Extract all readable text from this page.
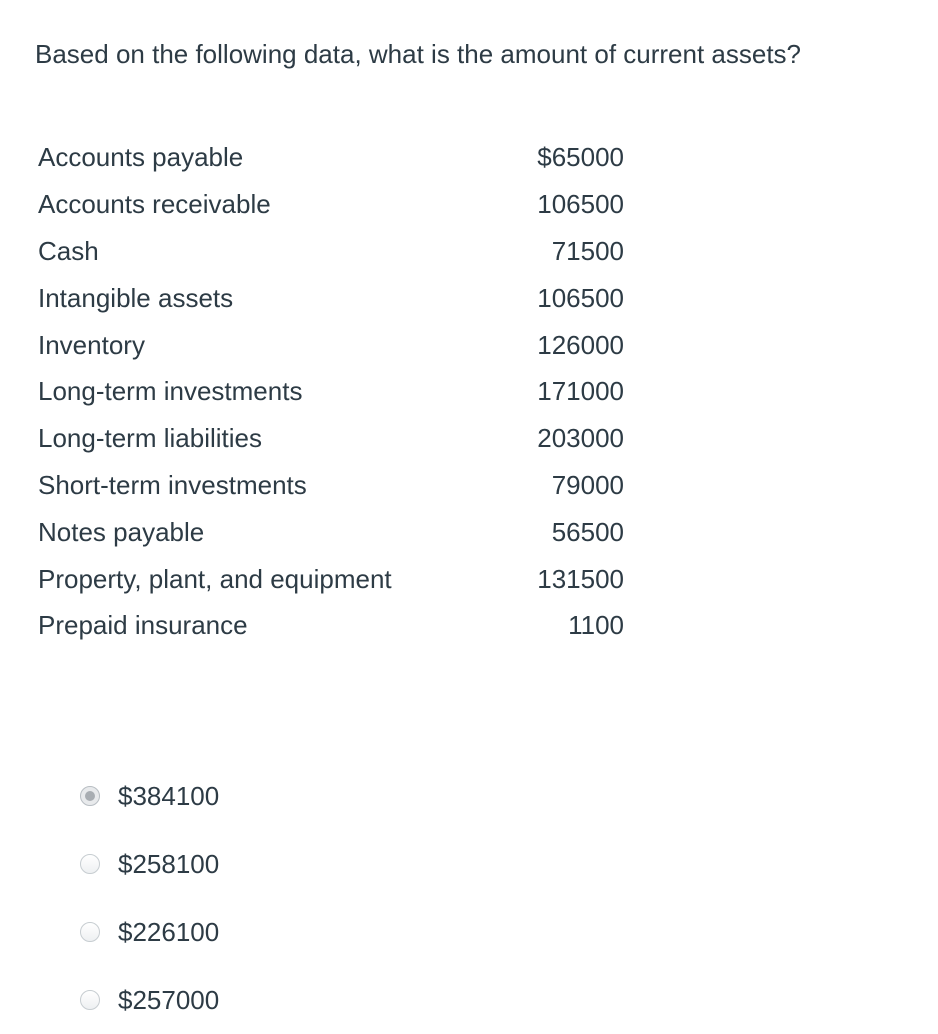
Based on the following data, what is the amount of current assets?
Accounts payable	$65000
Accounts receivable	106500
Cash	71500
Intangible assets	106500
Inventory	126000
Long-term investments	171000
Long-term liabilities	203000
Short-term investments	79000
Notes payable	56500
Property, plant, and equipment	131500
Prepaid insurance	1100
$384100
$258100
$226100
$257000
